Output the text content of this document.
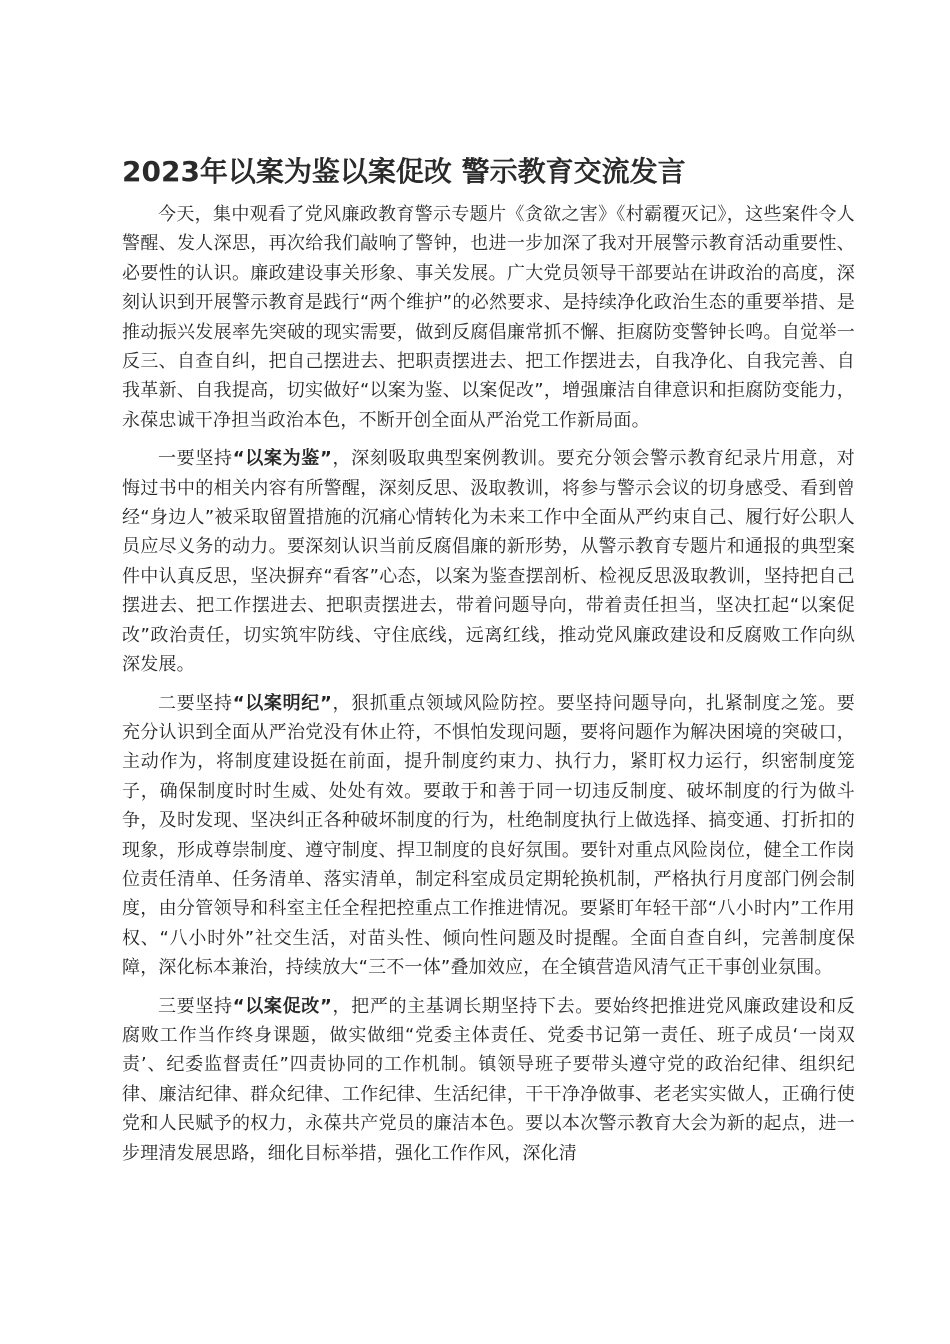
2023年以案为鉴以案促改 警示教育交流发言

今天，集中观看了党风廉政教育警示专题片《贪欲之害》《村霸覆灭记》，这些案件令人警醒、发人深思，再次给我们敲响了警钟，也进一步加深了我对开展警示教育活动重要性、必要性的认识。廉政建设事关形象、事关发展。广大党员领导干部要站在讲政治的高度，深刻认识到开展警示教育是践行“两个维护”的必然要求、是持续净化政治生态的重要举措、是推动振兴发展率先突破的现实需要，做到反腐倡廉常抓不懈、拒腐防变警钟长鸣。自觉举一反三、自查自纠，把自己摆进去、把职责摆进去、把工作摆进去，自我净化、自我完善、自我革新、自我提高，切实做好“以案为鉴、以案促改”，增强廉洁自律意识和拒腐防变能力，永葆忠诚干净担当政治本色，不断开创全面从严治党工作新局面。

一要坚持“以案为鉴”，深刻吸取典型案例教训。要充分领会警示教育纪录片用意，对悔过书中的相关内容有所警醒，深刻反思、汲取教训，将参与警示会议的切身感受、看到曾经“身边人”被采取留置措施的沉痛心情转化为未来工作中全面从严约束自己、履行好公职人员应尽义务的动力。要深刻认识当前反腐倡廉的新形势，从警示教育专题片和通报的典型案件中认真反思，坚决摒弃“看客”心态，以案为鉴查摆剖析、检视反思汲取教训，坚持把自己摆进去、把工作摆进去、把职责摆进去，带着问题导向，带着责任担当，坚决扛起“以案促改”政治责任，切实筑牢防线、守住底线，远离红线，推动党风廉政建设和反腐败工作向纵深发展。

二要坚持“以案明纪”，狠抓重点领域风险防控。要坚持问题导向，扎紧制度之笼。要充分认识到全面从严治党没有休止符，不惧怕发现问题，要将问题作为解决困境的突破口，主动作为，将制度建设挺在前面，提升制度约束力、执行力，紧盯权力运行，织密制度笼子，确保制度时时生威、处处有效。要敢于和善于同一切违反制度、破坏制度的行为做斗争，及时发现、坚决纠正各种破坏制度的行为，杜绝制度执行上做选择、搞变通、打折扣的现象，形成尊崇制度、遵守制度、捍卫制度的良好氛围。要针对重点风险岗位，健全工作岗位责任清单、任务清单、落实清单，制定科室成员定期轮换机制，严格执行月度部门例会制度，由分管领导和科室主任全程把控重点工作推进情况。要紧盯年轻干部“八小时内”工作用权、“八小时外”社交生活，对苗头性、倾向性问题及时提醒。全面自查自纠，完善制度保障，深化标本兼治，持续放大“三不一体”叠加效应，在全镇营造风清气正干事创业氛围。

三要坚持“以案促改”，把严的主基调长期坚持下去。要始终把推进党风廉政建设和反腐败工作当作终身课题，做实做细“党委主体责任、党委书记第一责任、班子成员‘一岗双责’、纪委监督责任”四责协同的工作机制。镇领导班子要带头遵守党的政治纪律、组织纪律、廉洁纪律、群众纪律、工作纪律、生活纪律，干干净净做事、老老实实做人，正确行使党和人民赋予的权力，永葆共产党员的廉洁本色。要以本次警示教育大会为新的起点，进一步理清发展思路，细化目标举措，强化工作作风，深化清
